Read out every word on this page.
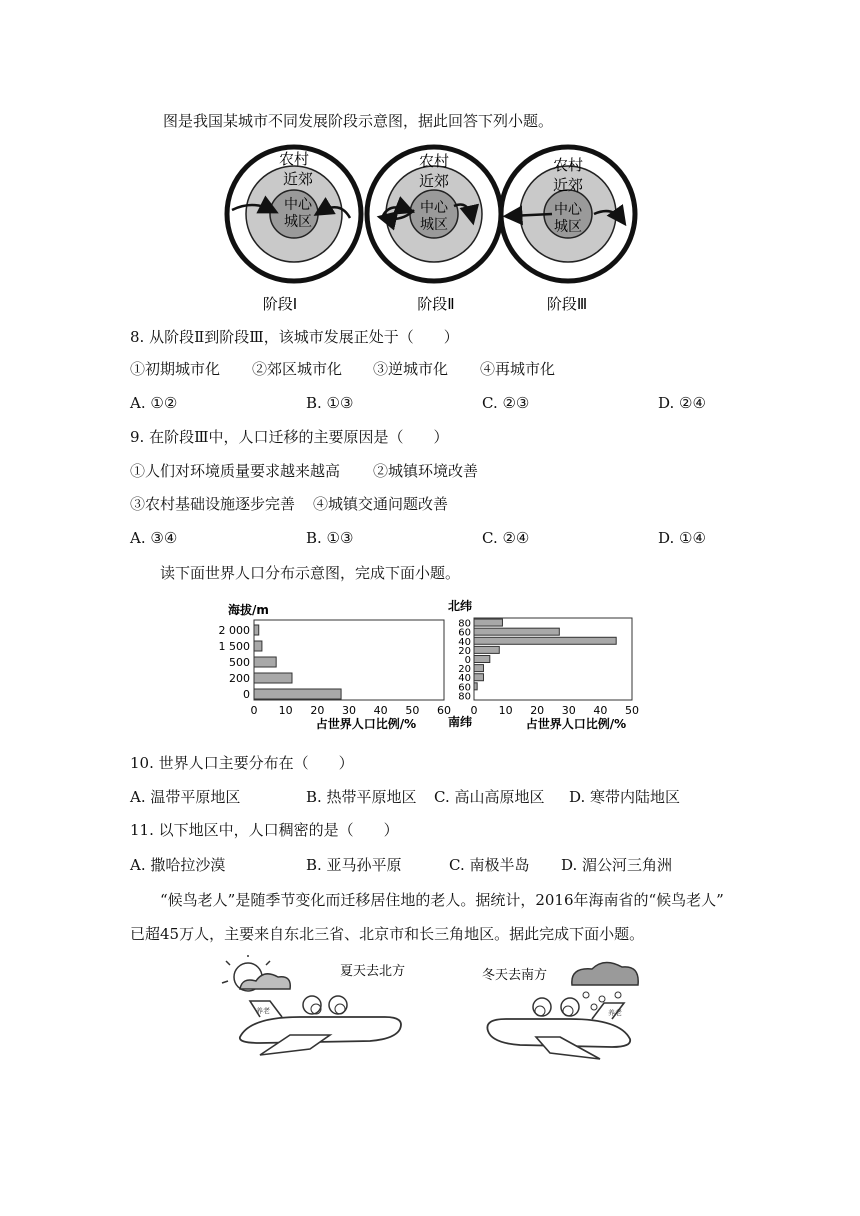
图是我国某城市不同发展阶段示意图，据此回答下列小题。
农村
近郊
中心
城区
农村
近郊
中心
城区
农村
近郊
中心
城区
阶段Ⅰ	阶段Ⅱ	阶段Ⅲ
8. 从阶段Ⅱ到阶段Ⅲ，该城市发展正处于（　　）
①初期城市化 ②郊区城市化 ③逆城市化 ④再城市化
A. ①②	B. ①③	C. ②③	D. ②④
9. 在阶段Ⅲ中，人口迁移的主要原因是（　　）
①人们对环境质量要求越来越高 ②城镇环境改善
③农村基础设施逐步完善 ④城镇交通问题改善
A. ③④	B. ①③	C. ②④	D. ①④
读下面世界人口分布示意图，完成下面小题。
海拔/m
2 000
1 500
500
200
0
0 10 20 30 40 50 60
占世界人口比例/%
北纬
80
60
40
20
0
20
40
60
80
0 10 20 30 40 50
南纬	占世界人口比例/%
10. 世界人口主要分布在（　　）
A. 温带平原地区	B. 热带平原地区 C. 高山高原地区 D. 寒带内陆地区
11. 以下地区中，人口稠密的是（　　）
A. 撒哈拉沙漠	B. 亚马孙平原	C. 南极半岛 D. 湄公河三角洲
“候鸟老人”是随季节变化而迁移居住地的老人。据统计，2016年海南省的“候鸟老人”
已超45万人，主要来自东北三省、北京市和长三角地区。据此完成下面小题。
夏天去北方
养老
冬天去南方
养老
